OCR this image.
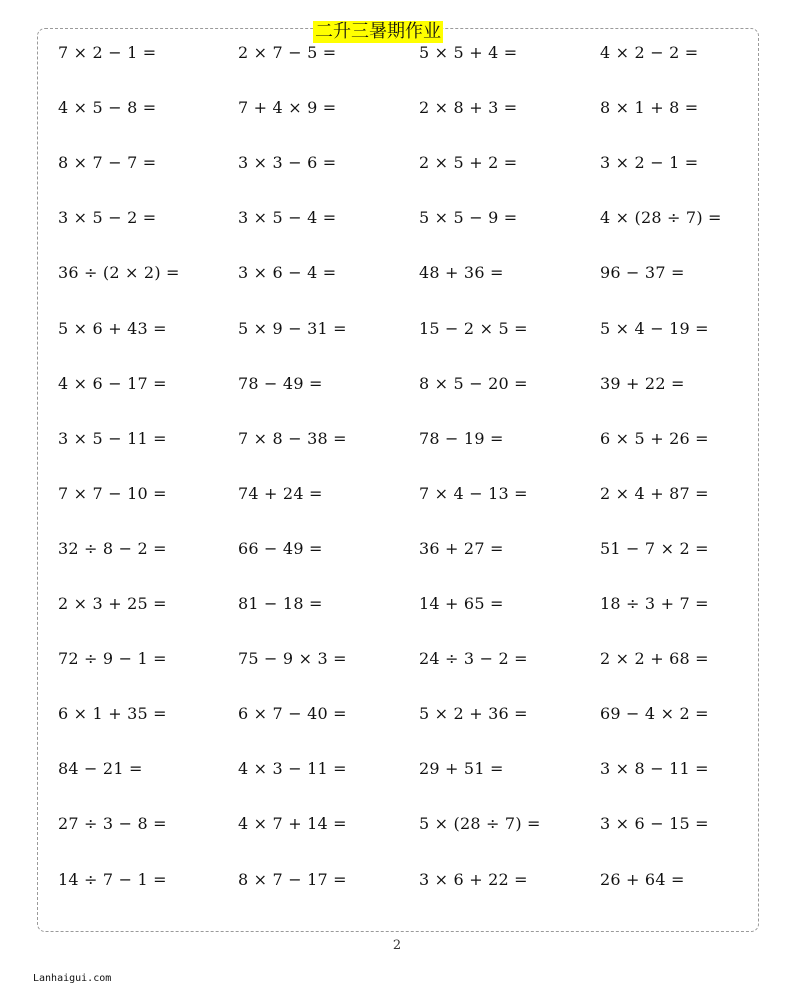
二升三暑期作业
7 × 2 − 1 =	2 × 7 − 5 =	5 × 5 + 4 =	4 × 2 − 2 =
4 × 5 − 8 =	7 + 4 × 9 =	2 × 8 + 3 =	8 × 1 + 8 =
8 × 7 − 7 =	3 × 3 − 6 =	2 × 5 + 2 =	3 × 2 − 1 =
3 × 5 − 2 =	3 × 5 − 4 =	5 × 5 − 9 =	4 × (28 ÷ 7) =
36 ÷ (2 × 2) =	3 × 6 − 4 =	48 + 36 =	96 − 37 =
5 × 6 + 43 =	5 × 9 − 31 =	15 − 2 × 5 =	5 × 4 − 19 =
4 × 6 − 17 =	78 − 49 =	8 × 5 − 20 =	39 + 22 =
3 × 5 − 11 =	7 × 8 − 38 =	78 − 19 =	6 × 5 + 26 =
7 × 7 − 10 =	74 + 24 =	7 × 4 − 13 =	2 × 4 + 87 =
32 ÷ 8 − 2 =	66 − 49 =	36 + 27 =	51 − 7 × 2 =
2 × 3 + 25 =	81 − 18 =	14 + 65 =	18 ÷ 3 + 7 =
72 ÷ 9 − 1 =	75 − 9 × 3 =	24 ÷ 3 − 2 =	2 × 2 + 68 =
6 × 1 + 35 =	6 × 7 − 40 =	5 × 2 + 36 =	69 − 4 × 2 =
84 − 21 =	4 × 3 − 11 =	29 + 51 =	3 × 8 − 11 =
27 ÷ 3 − 8 =	4 × 7 + 14 =	5 × (28 ÷ 7) =	3 × 6 − 15 =
14 ÷ 7 − 1 =	8 × 7 − 17 =	3 × 6 + 22 =	26 + 64 =
2
Lanhaigui.com
